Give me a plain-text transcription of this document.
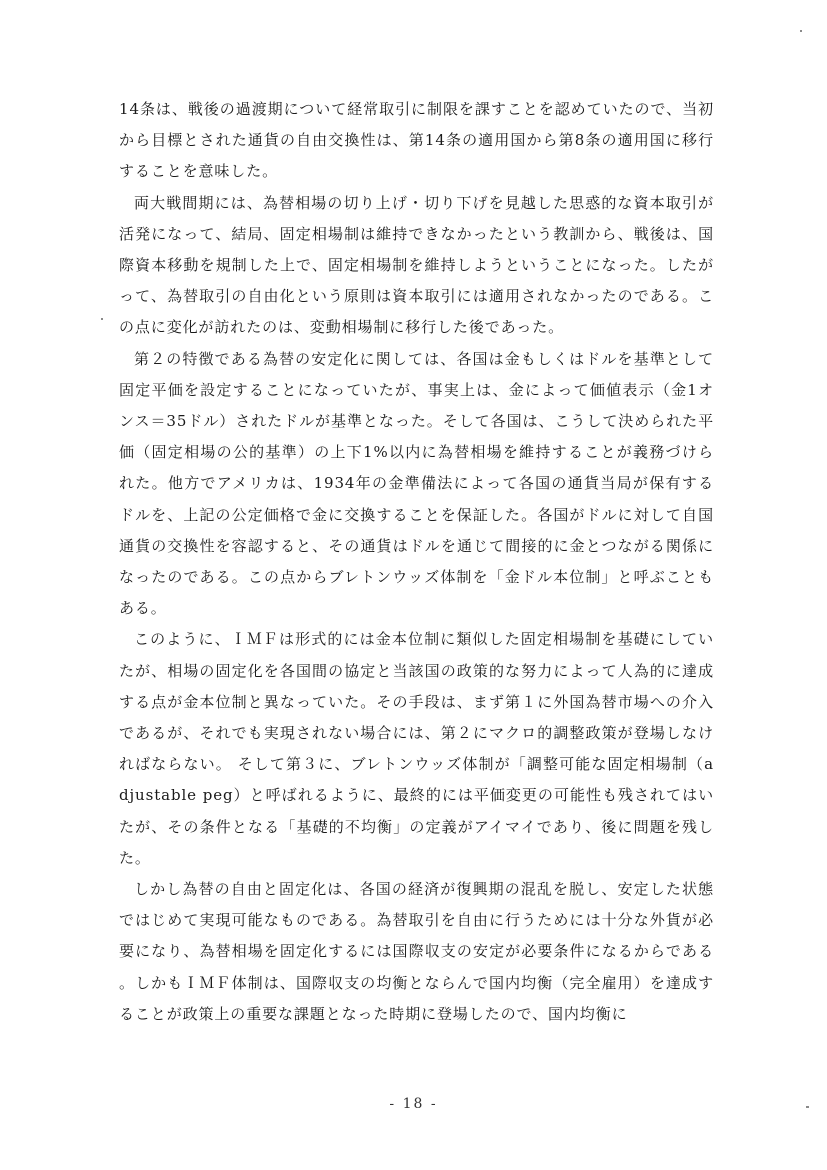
14条は、戦後の過渡期について経常取引に制限を課すことを認めていたので、当初から目標とされた通貨の自由交換性は、第14条の適用国から第8条の適用国に移行することを意味した。

両大戦間期には、為替相場の切り上げ・切り下げを見越した思惑的な資本取引が活発になって、結局、固定相場制は維持できなかったという教訓から、戦後は、国際資本移動を規制した上で、固定相場制を維持しようということになった。したがって、為替取引の自由化という原則は資本取引には適用されなかったのである。この点に変化が訪れたのは、変動相場制に移行した後であった。

第２の特徴である為替の安定化に関しては、各国は金もしくはドルを基準として固定平価を設定することになっていたが、事実上は、金によって価値表示（金1オンス＝35ドル）されたドルが基準となった。そして各国は、こうして決められた平価（固定相場の公的基準）の上下1%以内に為替相場を維持することが義務づけられた。他方でアメリカは、1934年の金準備法によって各国の通貨当局が保有するドルを、上記の公定価格で金に交換することを保証した。各国がドルに対して自国通貨の交換性を容認すると、その通貨はドルを通じて間接的に金とつながる関係になったのである。この点からブレトンウッズ体制を「金ドル本位制」と呼ぶこともある。

このように、ＩＭＦは形式的には金本位制に類似した固定相場制を基礎にしていたが、相場の固定化を各国間の協定と当該国の政策的な努力によって人為的に達成する点が金本位制と異なっていた。その手段は、まず第１に外国為替市場への介入であるが、それでも実現されない場合には、第２にマクロ的調整政策が登場しなければならない。 そして第３に、ブレトンウッズ体制が「調整可能な固定相場制（adjustable peg）と呼ばれるように、最終的には平価変更の可能性も残されてはいたが、その条件となる「基礎的不均衡」の定義がアイマイであり、後に問題を残した。

しかし為替の自由と固定化は、各国の経済が復興期の混乱を脱し、安定した状態ではじめて実現可能なものである。為替取引を自由に行うためには十分な外貨が必要になり、為替相場を固定化するには国際収支の安定が必要条件になるからである。しかもＩＭＦ体制は、国際収支の均衡とならんで国内均衡（完全雇用）を達成することが政策上の重要な課題となった時期に登場したので、国内均衡に

- 18 -
